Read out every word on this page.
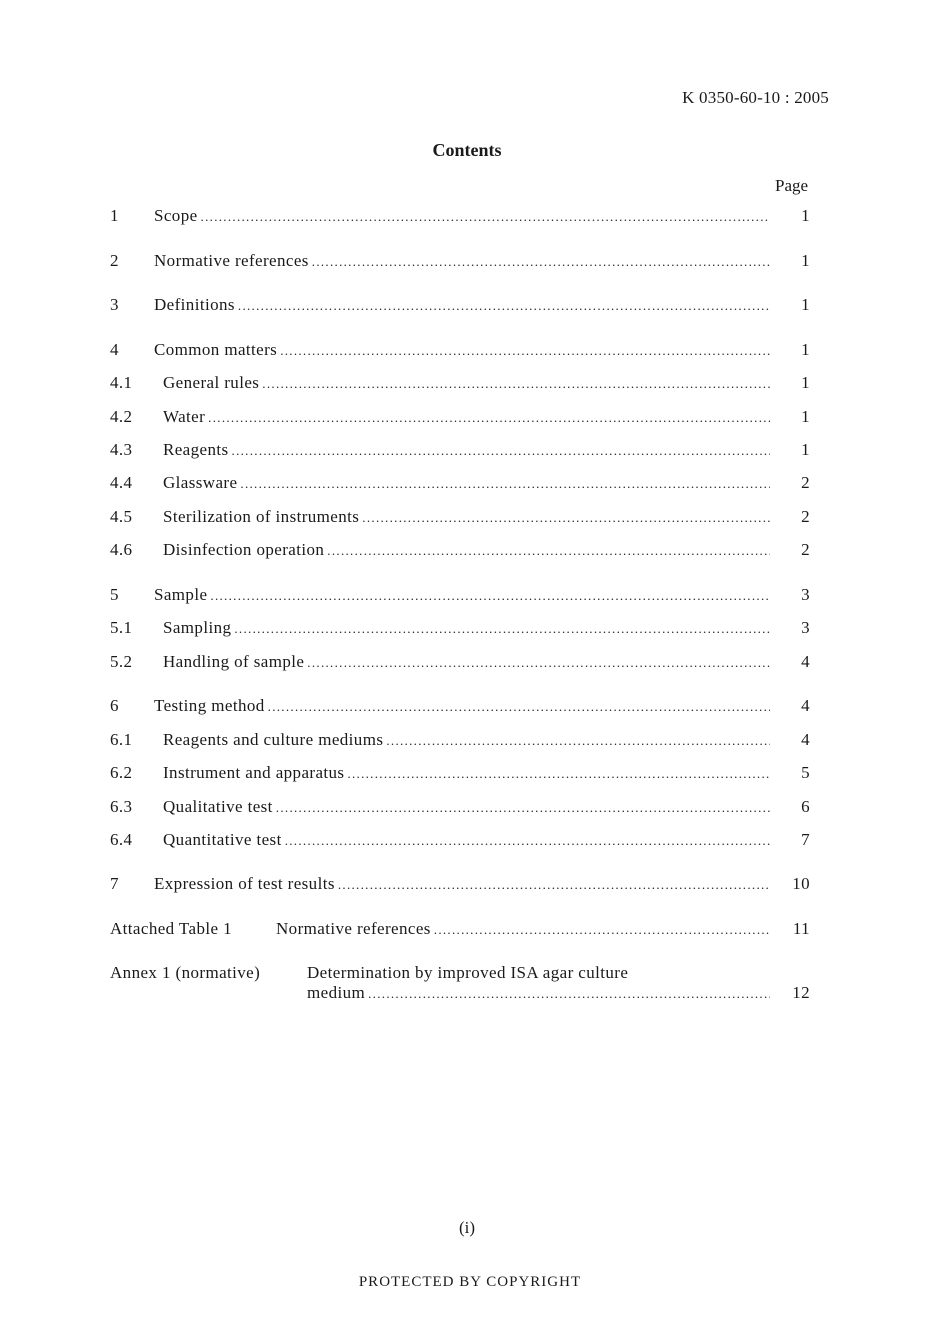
K 0350-60-10 : 2005
Contents
Page
1 Scope .....	1
2 Normative references .....	1
3 Definitions .....	1
4 Common matters .....	1
4.1 General rules .....	1
4.2 Water .....	1
4.3 Reagents .....	1
4.4 Glassware .....	2
4.5 Sterilization of instruments .....	2
4.6 Disinfection operation .....	2
5 Sample .....	3
5.1 Sampling .....	3
5.2 Handling of sample .....	4
6 Testing method .....	4
6.1 Reagents and culture mediums .....	4
6.2 Instrument and apparatus .....	5
6.3 Qualitative test .....	6
6.4 Quantitative test .....	7
7 Expression of test results .....	10
Attached Table 1	Normative references .....	11
Annex 1 (normative)	Determination by improved ISA agar culture
medium .....	12
(i)
PROTECTED BY COPYRIGHT
